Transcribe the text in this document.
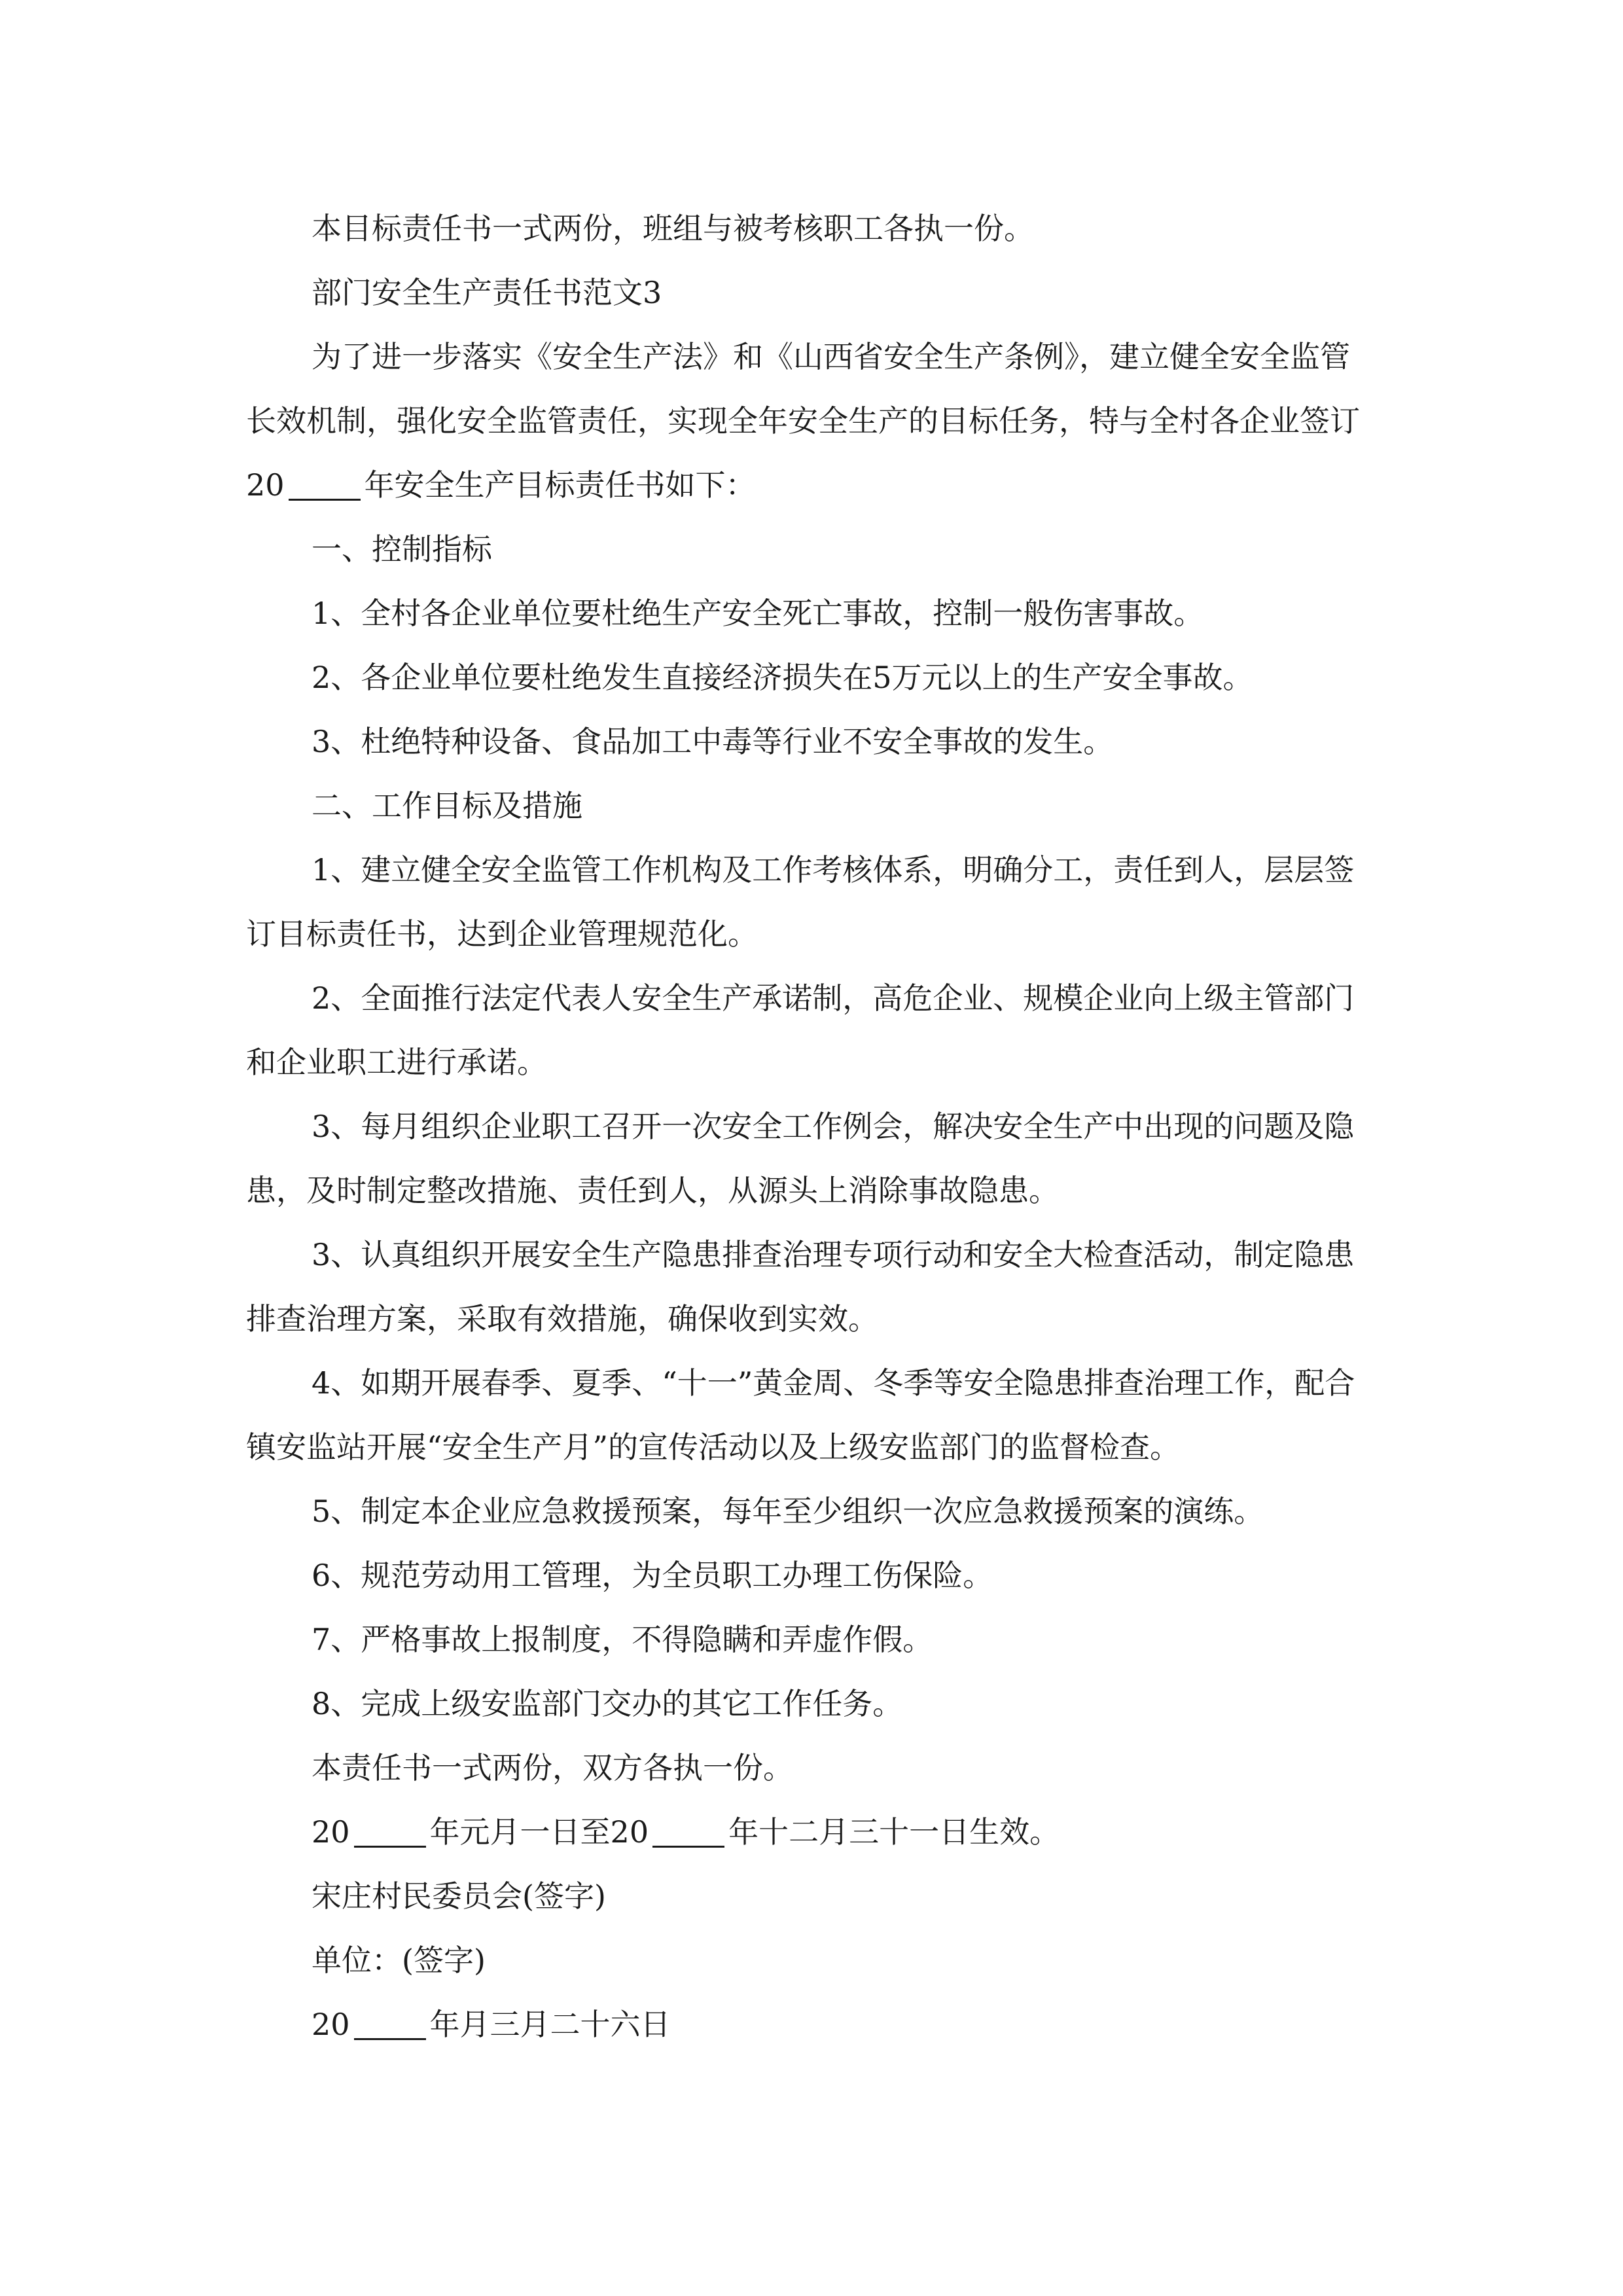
本目标责任书一式两份，班组与被考核职工各执一份。

部门安全生产责任书范文3

为了进一步落实《安全生产法》和《山西省安全生产条例》，建立健全安全监管长效机制，强化安全监管责任，实现全年安全生产的目标任务，特与全村各企业签订20	年安全生产目标责任书如下：

一、控制指标

1、全村各企业单位要杜绝生产安全死亡事故，控制一般伤害事故。

2、各企业单位要杜绝发生直接经济损失在5万元以上的生产安全事故。

3、杜绝特种设备、食品加工中毒等行业不安全事故的发生。

二、工作目标及措施

1、建立健全安全监管工作机构及工作考核体系，明确分工，责任到人，层层签订目标责任书，达到企业管理规范化。

2、全面推行法定代表人安全生产承诺制，高危企业、规模企业向上级主管部门和企业职工进行承诺。

3、每月组织企业职工召开一次安全工作例会，解决安全生产中出现的问题及隐患，及时制定整改措施、责任到人，从源头上消除事故隐患。

3、认真组织开展安全生产隐患排查治理专项行动和安全大检查活动，制定隐患排查治理方案，采取有效措施，确保收到实效。

4、如期开展春季、夏季、“十一”黄金周、冬季等安全隐患排查治理工作，配合镇安监站开展“安全生产月”的宣传活动以及上级安监部门的监督检查。

5、制定本企业应急救援预案，每年至少组织一次应急救援预案的演练。

6、规范劳动用工管理，为全员职工办理工伤保险。

7、严格事故上报制度，不得隐瞒和弄虚作假。

8、完成上级安监部门交办的其它工作任务。

本责任书一式两份，双方各执一份。

20	年元月一日至20	年十二月三十一日生效。

宋庄村民委员会(签字)

单位：(签字)

20	年月三月二十六日
